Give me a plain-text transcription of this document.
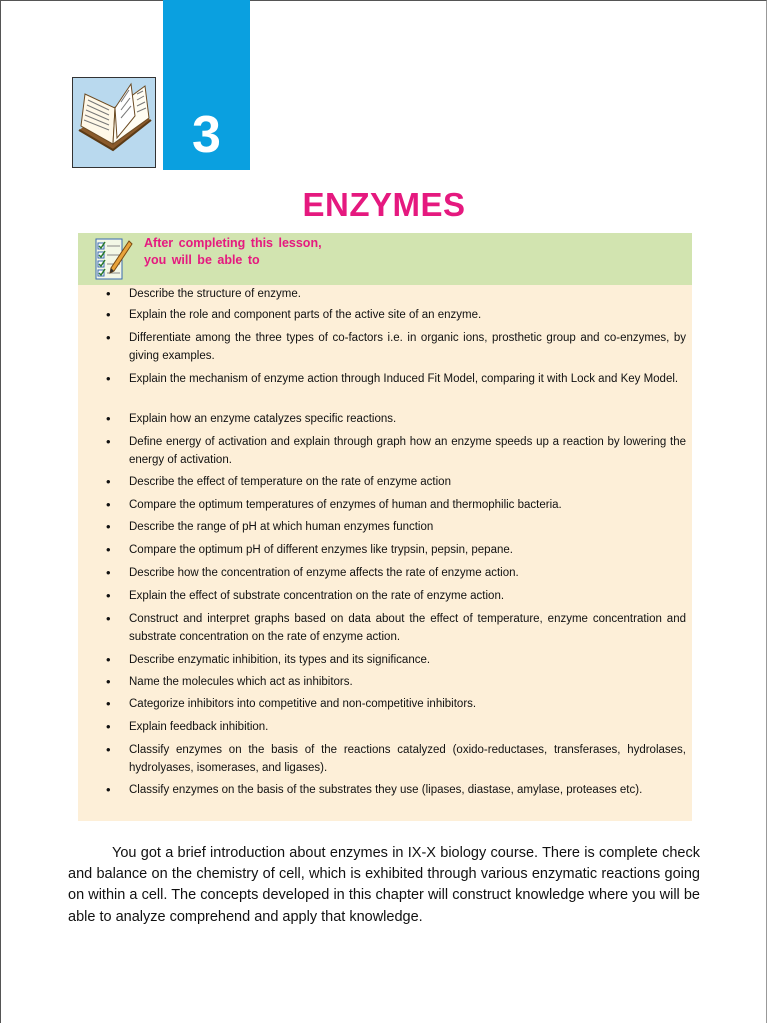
3
ENZYMES
After completing this lesson,
you will be able to
• Describe the structure of enzyme.
• Explain the role and component parts of the active site of an enzyme.
• Differentiate among the three types of co-factors i.e. in organic ions, prosthetic group and co-enzymes, by giving examples.
• Explain the mechanism of enzyme action through Induced Fit Model, comparing it with Lock and Key Model.
• Explain how an enzyme catalyzes specific reactions.
• Define energy of activation and explain through graph how an enzyme speeds up a reaction by lowering the energy of activation.
• Describe the effect of temperature on the rate of enzyme action
• Compare the optimum temperatures of enzymes of human and thermophilic bacteria.
• Describe the range of pH at which human enzymes function
• Compare the optimum pH of different enzymes like trypsin, pepsin, pepane.
• Describe how the concentration of enzyme affects the rate of enzyme action.
• Explain the effect of substrate concentration on the rate of enzyme action.
• Construct and interpret graphs based on data about the effect of temperature, enzyme concentration and substrate concentration on the rate of enzyme action.
• Describe enzymatic inhibition, its types and its significance.
• Name the molecules which act as inhibitors.
• Categorize inhibitors into competitive and non-competitive inhibitors.
• Explain feedback inhibition.
• Classify enzymes on the basis of the reactions catalyzed (oxido-reductases, transferases, hydrolases, hydrolyases, isomerases, and ligases).
• Classify enzymes on the basis of the substrates they use (lipases, diastase, amylase, proteases etc).

You got a brief introduction about enzymes in IX-X biology course. There is complete check and balance on the chemistry of cell, which is exhibited through various enzymatic reactions going on within a cell. The concepts developed in this chapter will construct knowledge where you will be able to analyze comprehend and apply that knowledge.
